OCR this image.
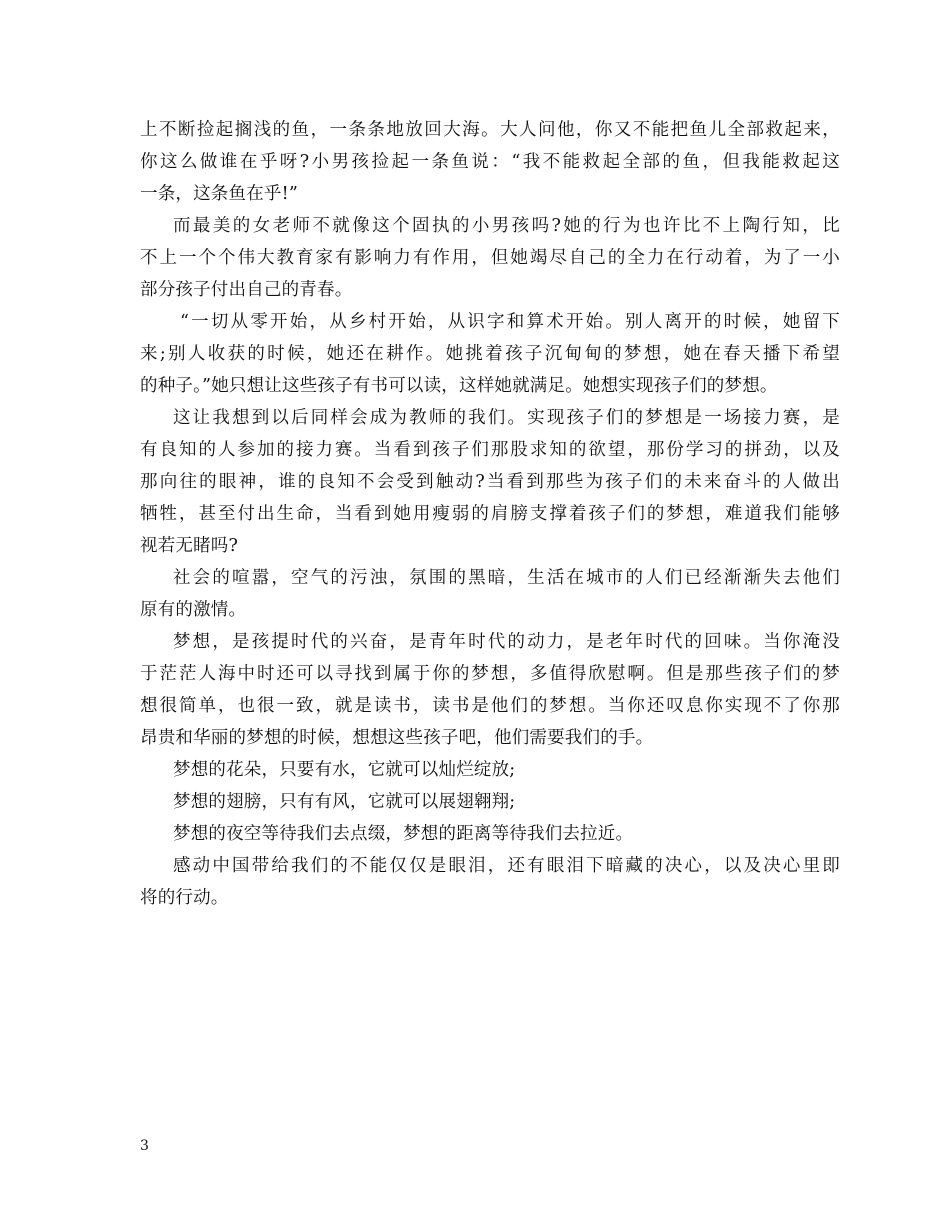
上不断捡起搁浅的鱼，一条条地放回大海。大人问他，你又不能把鱼儿全部救起来，
你这么做谁在乎呀?小男孩捡起一条鱼说：“我不能救起全部的鱼，但我能救起这
一条，这条鱼在乎!”
而最美的女老师不就像这个固执的小男孩吗?她的行为也许比不上陶行知，比
不上一个个伟大教育家有影响力有作用，但她竭尽自己的全力在行动着，为了一小
部分孩子付出自己的青春。
“一切从零开始，从乡村开始，从识字和算术开始。别人离开的时候，她留下
来;别人收获的时候，她还在耕作。她挑着孩子沉甸甸的梦想，她在春天播下希望
的种子。”她只想让这些孩子有书可以读，这样她就满足。她想实现孩子们的梦想。
这让我想到以后同样会成为教师的我们。实现孩子们的梦想是一场接力赛，是
有良知的人参加的接力赛。当看到孩子们那股求知的欲望，那份学习的拼劲，以及
那向往的眼神，谁的良知不会受到触动?当看到那些为孩子们的未来奋斗的人做出
牺牲，甚至付出生命，当看到她用瘦弱的肩膀支撑着孩子们的梦想，难道我们能够
视若无睹吗?
社会的喧嚣，空气的污浊，氛围的黑暗，生活在城市的人们已经渐渐失去他们
原有的激情。
梦想，是孩提时代的兴奋，是青年时代的动力，是老年时代的回味。当你淹没
于茫茫人海中时还可以寻找到属于你的梦想，多值得欣慰啊。但是那些孩子们的梦
想很简单，也很一致，就是读书，读书是他们的梦想。当你还叹息你实现不了你那
昂贵和华丽的梦想的时候，想想这些孩子吧，他们需要我们的手。
梦想的花朵，只要有水，它就可以灿烂绽放;
梦想的翅膀，只有有风，它就可以展翅翱翔;
梦想的夜空等待我们去点缀，梦想的距离等待我们去拉近。
感动中国带给我们的不能仅仅是眼泪，还有眼泪下暗藏的决心，以及决心里即
将的行动。
3
